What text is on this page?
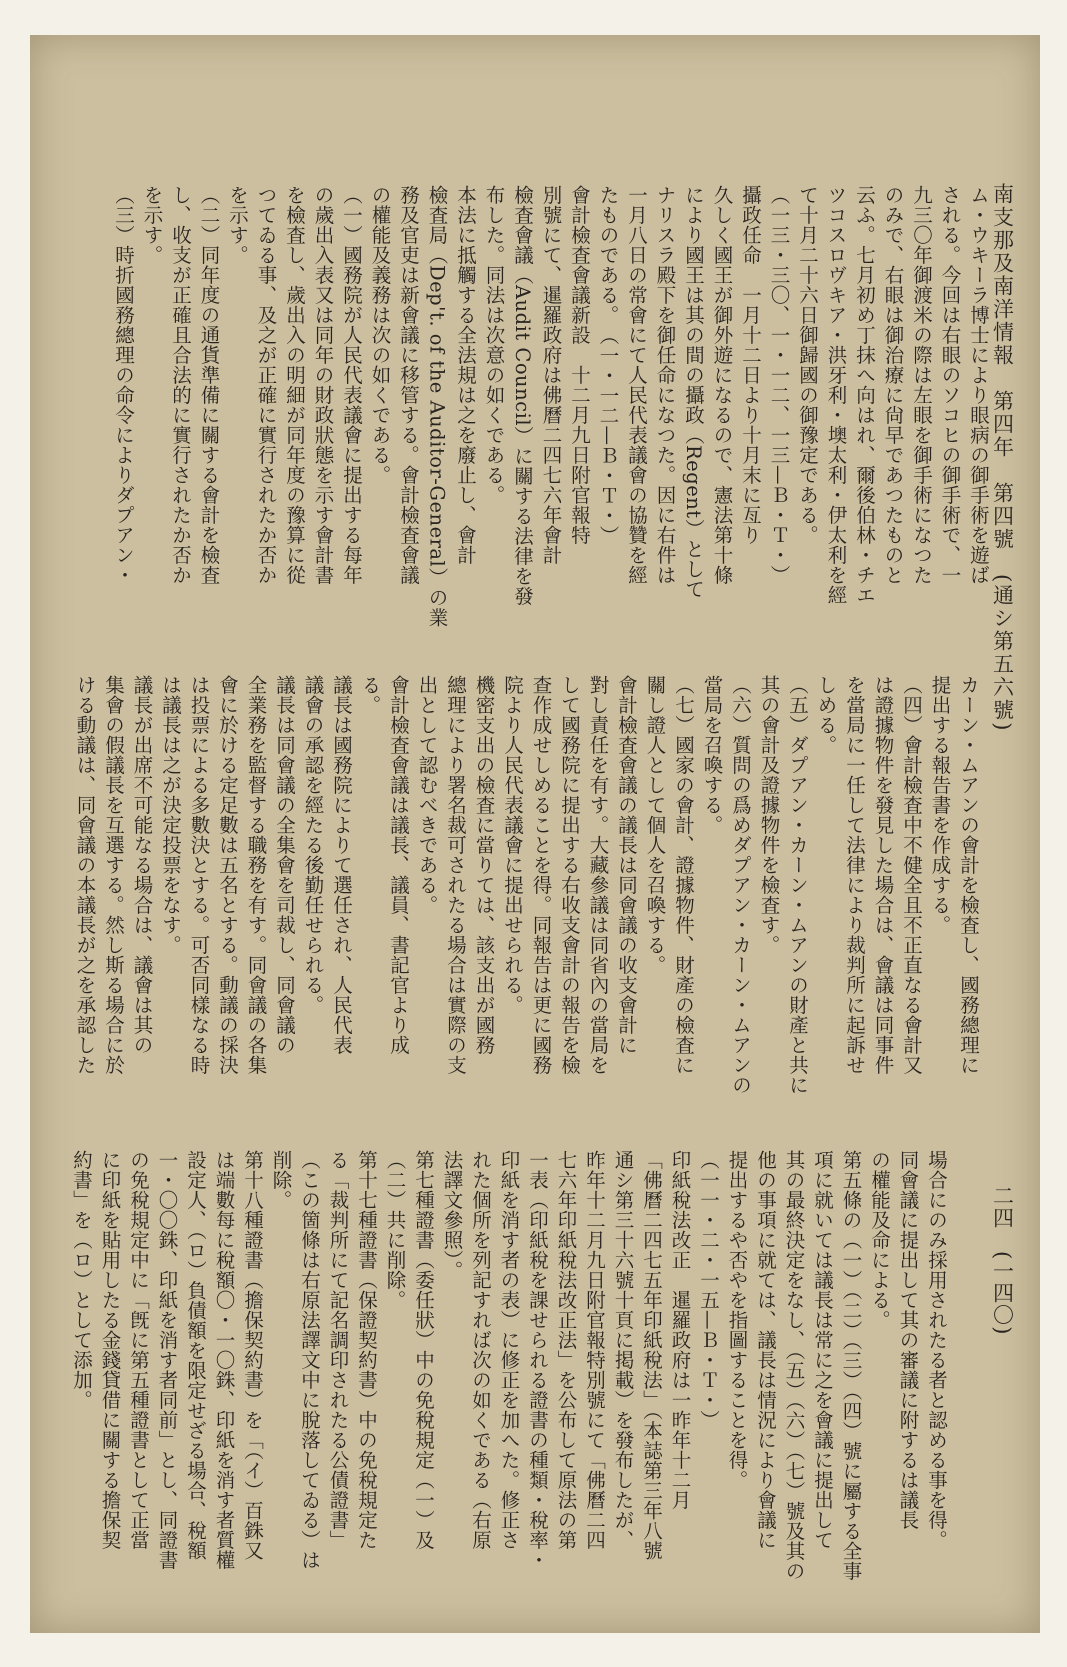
南支那及南洋情報　第四年　第四號　(通シ第五六號)
二四　(一四〇)
ム・ウキーラ博士により眼病の御手術を遊ば
される。今回は右眼のソコヒの御手術で、一
九三〇年御渡米の際は左眼を御手術になつた
のみで、右眼は御治療に尙早であつたものと
云ふ。七月初め丁抹へ向はれ、爾後伯林・チエ
ツコスロヴキア・洪牙利・墺太利・伊太利を經
て十月二十六日御歸國の御豫定である。
（一三・三〇、一・一二、一三—Ｂ・Ｔ・）
攝政任命　一月十二日より十月末に亙り
久しく國王が御外遊になるので、憲法第十條
により國王は其の間の攝政（Regent）として
ナリスラ殿下を御任命になつた。因に右件は
一月八日の常會にて人民代表議會の協贊を經
たものである。　（一・一二—Ｂ・Ｔ・）
會計檢査會議新設　十二月九日附官報特
別號にて、暹羅政府は佛曆二四七六年會計
檢査會議（Audit Council）に關する法律を發
布した。同法は次意の如くである。
本法に抵觸する全法規は之を廢止し、會計
檢査局（Dep't. of the Auditor-General）の業
務及官吏は新會議に移管する。會計檢査會議
の權能及義務は次の如くである。
（一）國務院が人民代表議會に提出する每年
の歲出入表又は同年の財政狀態を示す會計書
を檢査し、歲出入の明細が同年度の豫算に從
つてゐる事、及之が正確に實行されたか否か
を示す。
（二）同年度の通貨準備に關する會計を檢査
し、收支が正確且合法的に實行されたか否か
を示す。
（三）時折國務總理の命令によりダプアン・
カーン・ムアンの會計を檢査し、國務總理に
提出する報告書を作成する。
（四）會計檢査中不健全且不正直なる會計又
は證據物件を發見した場合は、會議は同事件
を當局に一任して法律により裁判所に起訴せ
しめる。
（五）ダプアン・カーン・ムアンの財產と共に
其の會計及證據物件を檢査す。
（六）質問の爲めダプアン・カーン・ムアンの
當局を召喚する。
（七）國家の會計、證據物件、財產の檢査に
關し證人として個人を召喚する。
會計檢査會議の議長は同會議の收支會計に
對し責任を有す。大藏參議は同省內の當局を
して國務院に提出する右收支會計の報告を檢
查作成せしめることを得。同報告は更に國務
院より人民代表議會に提出せられる。
機密支出の檢査に當りては、該支出が國務
總理により署名裁可されたる場合は實際の支
出として認むべきである。
會計檢査會議は議長、議員、書記官より成
る。
議長は國務院によりて選任され、人民代表
議會の承認を經たる後勤任せられる。
議長は同會議の全集會を司裁し、同會議の
全業務を監督する職務を有す。同會議の各集
會に於ける定足數は五名とする。動議の採決
は投票による多數決とする。可否同樣なる時
は議長は之が決定投票をなす。
議長が出席不可能なる場合は、議會は其の
集會の假議長を互選する。然し斯る場合に於
ける動議は、同會議の本議長が之を承認した
場合にのみ採用されたる者と認める事を得。
同會議に提出して其の審議に附するは議長
の權能及命による。
第五條の（一）（二）（三）（四）號に屬する全事
項に就いては議長は常に之を會議に提出して
其の最終決定をなし、（五）（六）（七）號及其の
他の事項に就ては、議長は情況により會議に
提出するや否やを指圖することを得。
（一一・二・一五—Ｂ・Ｔ・）
印紙稅法改正　暹羅政府は一昨年十二月
「佛曆二四七五年印紙稅法」（本誌第三年八號
通シ第三十六號十頁に掲載）を發布したが、
昨年十二月九日附官報特別號にて「佛曆二四
七六年印紙稅法改正法」を公布して原法の第
一表（印紙稅を課せられる證書の種類・稅率・
印紙を消す者の表）に修正を加へた。修正さ
れた個所を列記すれば次の如くである（右原
法譯文參照）。
第七種證書（委任狀）中の免稅規定（一）及
（二）共に削除。
第十七種證書（保證契約書）中の免稅規定た
る「裁判所にて記名調印されたる公債證書」
（この箇條は右原法譯文中に脫落してゐる）は
削除。
第十八種證書（擔保契約書）を「（イ）百銖又
は端數每に稅額〇・一〇銖、印紙を消す者質權
設定人、（ロ）負債額を限定せざる場合、稅額
一・〇〇銖、印紙を消す者同前」とし、同證書
の免稅規定中に「旣に第五種證書として正當
に印紙を貼用したる金錢貸借に關する擔保契
約書」を（ロ）として添加。
